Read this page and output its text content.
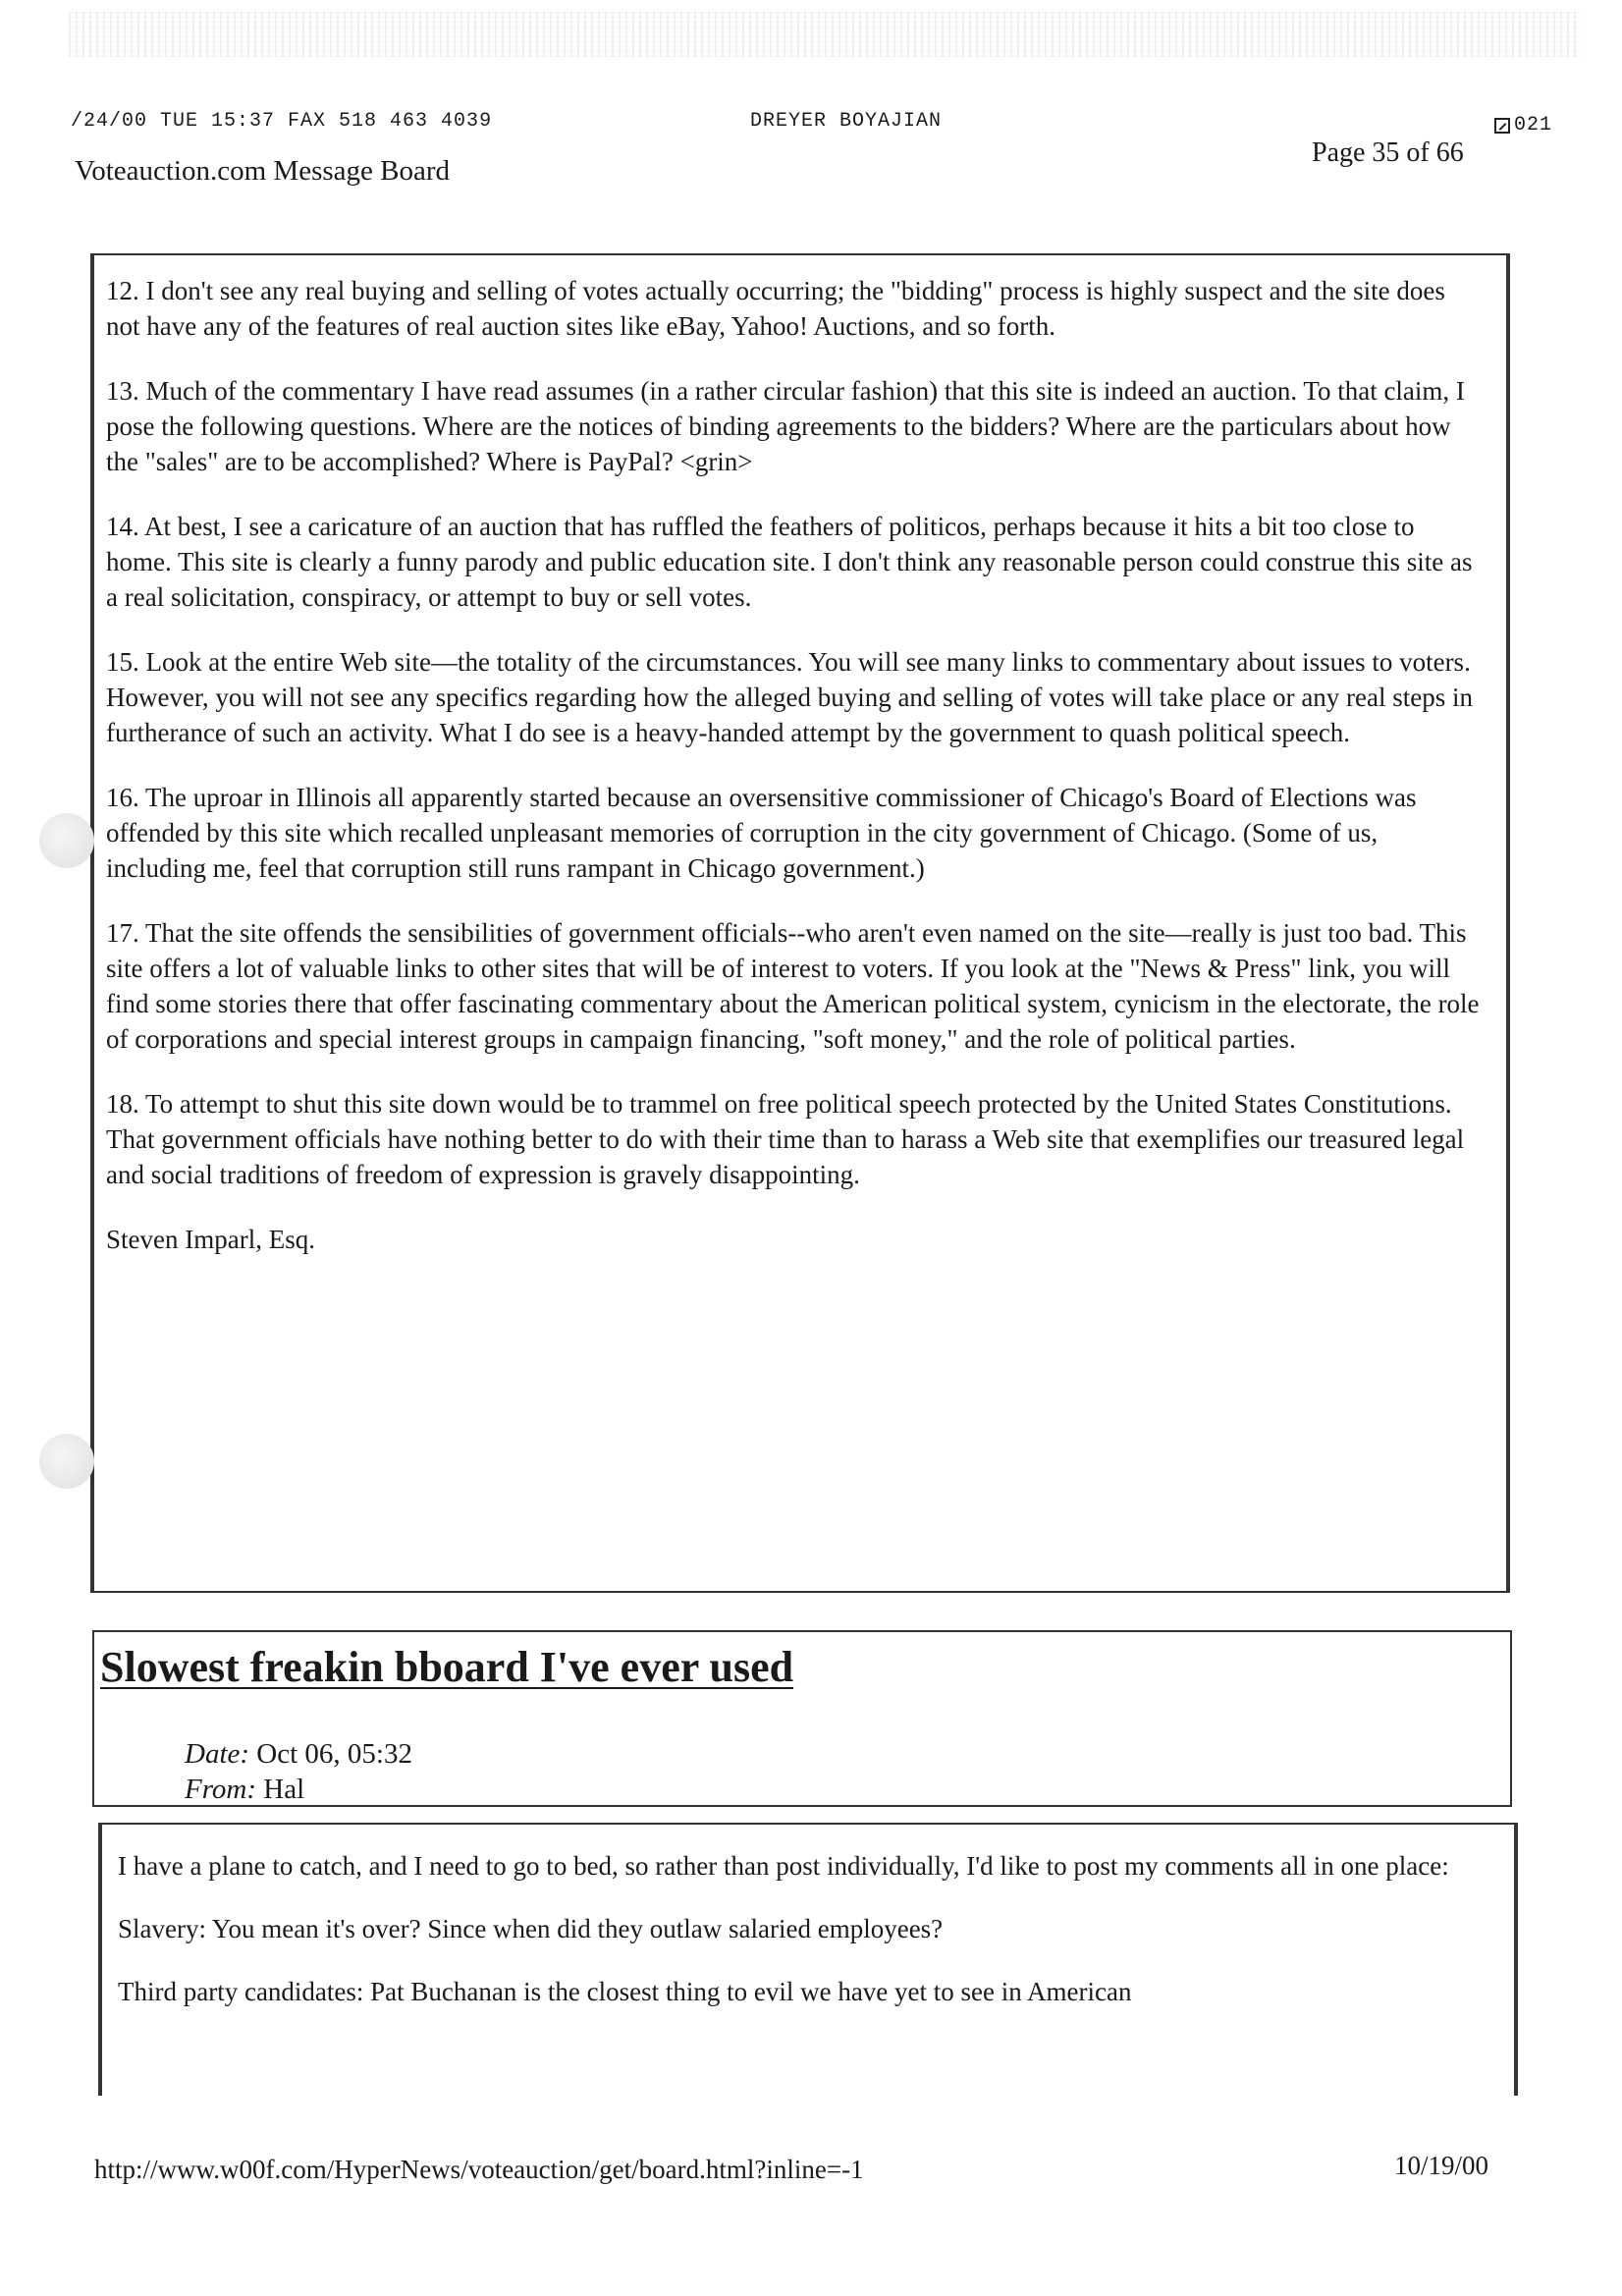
/24/00 TUE 15:37 FAX 518 463 4039	DREYER BOYAJIAN	021
Voteauction.com Message Board
Page 35 of 66

12. I don't see any real buying and selling of votes actually occurring; the "bidding" process is highly suspect and the site does not have any of the features of real auction sites like eBay, Yahoo! Auctions, and so forth.

13. Much of the commentary I have read assumes (in a rather circular fashion) that this site is indeed an auction. To that claim, I pose the following questions. Where are the notices of binding agreements to the bidders? Where are the particulars about how the "sales" are to be accomplished? Where is PayPal? <grin>

14. At best, I see a caricature of an auction that has ruffled the feathers of politicos, perhaps because it hits a bit too close to home. This site is clearly a funny parody and public education site. I don't think any reasonable person could construe this site as a real solicitation, conspiracy, or attempt to buy or sell votes.

15. Look at the entire Web site—the totality of the circumstances. You will see many links to commentary about issues to voters. However, you will not see any specifics regarding how the alleged buying and selling of votes will take place or any real steps in furtherance of such an activity. What I do see is a heavy-handed attempt by the government to quash political speech.

16. The uproar in Illinois all apparently started because an oversensitive commissioner of Chicago's Board of Elections was offended by this site which recalled unpleasant memories of corruption in the city government of Chicago. (Some of us, including me, feel that corruption still runs rampant in Chicago government.)

17. That the site offends the sensibilities of government officials--who aren't even named on the site—really is just too bad. This site offers a lot of valuable links to other sites that will be of interest to voters. If you look at the "News & Press" link, you will find some stories there that offer fascinating commentary about the American political system, cynicism in the electorate, the role of corporations and special interest groups in campaign financing, "soft money," and the role of political parties.

18. To attempt to shut this site down would be to trammel on free political speech protected by the United States Constitutions. That government officials have nothing better to do with their time than to harass a Web site that exemplifies our treasured legal and social traditions of freedom of expression is gravely disappointing.

Steven Imparl, Esq.
Slowest freakin bboard I've ever used
Date: Oct 06, 05:32
From: Hal

I have a plane to catch, and I need to go to bed, so rather than post individually, I'd like to post my comments all in one place:

Slavery: You mean it's over? Since when did they outlaw salaried employees?

Third party candidates: Pat Buchanan is the closest thing to evil we have yet to see in American

http://www.w00f.com/HyperNews/voteauction/get/board.html?inline=-1	10/19/00
